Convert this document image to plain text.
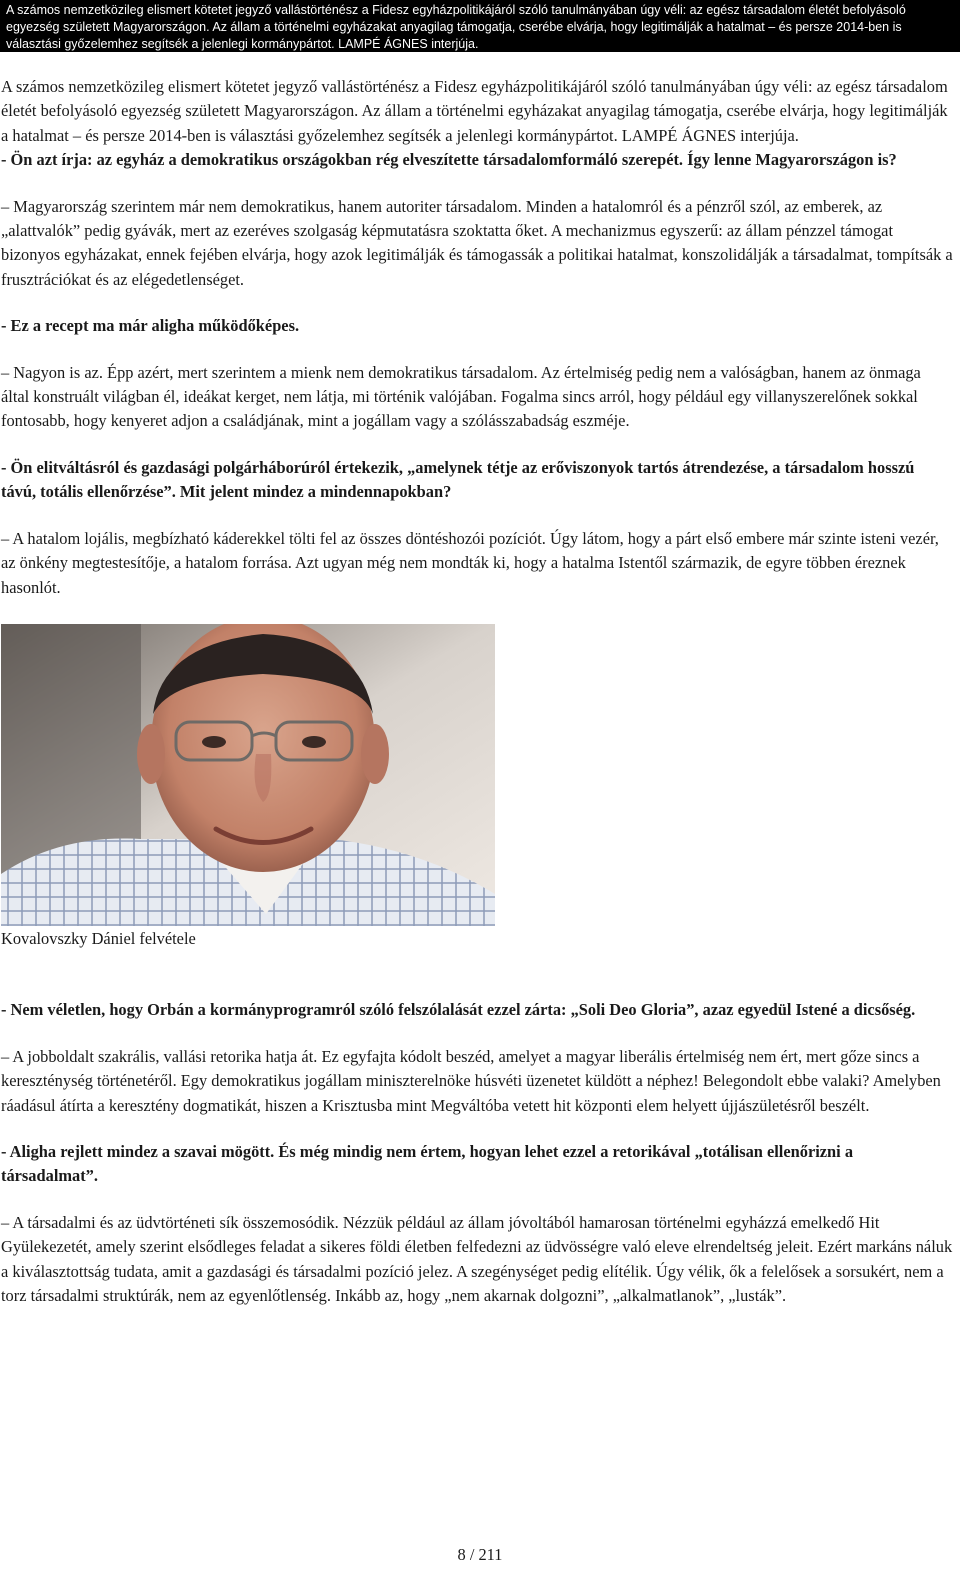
A számos nemzetközileg elismert kötetet jegyző vallástörténész a Fidesz egyházpolitikájáról szóló tanulmányában úgy véli: az egész társadalom életét befolyásoló egyezség született Magyarországon. Az állam a történelmi egyházakat anyagilag támogatja, cserébe elvárja, hogy legitimálják a hatalmat – és persze 2014-ben is választási győzelemhez segítsék a jelenlegi kormánypártot. LAMPÉ ÁGNES interjúja.

A számos nemzetközileg elismert kötetet jegyző vallástörténész a Fidesz egyházpolitikájáról szóló tanulmányában úgy véli: az egész társadalom életét befolyásoló egyezség született Magyarországon. Az állam a történelmi egyházakat anyagilag támogatja, cserébe elvárja, hogy legitimálják a hatalmat – és persze 2014-ben is választási győzelemhez segítsék a jelenlegi kormánypártot. LAMPÉ ÁGNES interjúja.

- Ön azt írja: az egyház a demokratikus országokban rég elveszítette társadalomformáló szerepét. Így lenne Magyarországon is?

– Magyarország szerintem már nem demokratikus, hanem autoriter társadalom. Minden a hatalomról és a pénzről szól, az emberek, az „alattvalók” pedig gyávák, mert az ezeréves szolgaság képmutatásra szoktatta őket. A mechanizmus egyszerű: az állam pénzzel támogat bizonyos egyházakat, ennek fejében elvárja, hogy azok legitimálják és támogassák a politikai hatalmat, konszolidálják a társadalmat, tompítsák a frusztrációkat és az elégedetlenséget.

- Ez a recept ma már aligha működőképes.

– Nagyon is az. Épp azért, mert szerintem a mienk nem demokratikus társadalom. Az értelmiség pedig nem a valóságban, hanem az önmaga által konstruált világban él, ideákat kerget, nem látja, mi történik valójában. Fogalma sincs arról, hogy például egy villanyszerelőnek sokkal fontosabb, hogy kenyeret adjon a családjának, mint a jogállam vagy a szólásszabadság eszméje.

- Ön elitváltásról és gazdasági polgárháborúról értekezik, „amelynek tétje az erőviszonyok tartós átrendezése, a társadalom hosszú távú, totális ellenőrzése”. Mit jelent mindez a mindennapokban?

– A hatalom lojális, megbízható káderekkel tölti fel az összes döntéshozói pozíciót. Úgy látom, hogy a párt első embere már szinte isteni vezér, az önkény megtestesítője, a hatalom forrása. Azt ugyan még nem mondták ki, hogy a hatalma Istentől származik, de egyre többen éreznek hasonlót.

Kovalovszky Dániel felvétele

- Nem véletlen, hogy Orbán a kormányprogramról szóló felszólalását ezzel zárta: „Soli Deo Gloria”, azaz egyedül Istené a dicsőség.

– A jobboldalt szakrális, vallási retorika hatja át. Ez egyfajta kódolt beszéd, amelyet a magyar liberális értelmiség nem ért, mert gőze sincs a kereszténység történetéről. Egy demokratikus jogállam miniszterelnöke húsvéti üzenetet küldött a néphez! Belegondolt ebbe valaki? Amelyben ráadásul átírta a keresztény dogmatikát, hiszen a Krisztusba mint Megváltóba vetett hit központi elem helyett újjászületésről beszélt.

- Aligha rejlett mindez a szavai mögött. És még mindig nem értem, hogyan lehet ezzel a retorikával „totálisan ellenőrizni a társadalmat”.

– A társadalmi és az üdvtörténeti sík összemosódik. Nézzük például az állam jóvoltából hamarosan történelmi egyházzá emelkedő Hit Gyülekezetét, amely szerint elsődleges feladat a sikeres földi életben felfedezni az üdvösségre való eleve elrendeltség jeleit. Ezért markáns náluk a kiválasztottság tudata, amit a gazdasági és társadalmi pozíció jelez. A szegénységet pedig elítélik. Úgy vélik, ők a felelősek a sorsukért, nem a torz társadalmi struktúrák, nem az egyenlőtlenség. Inkább az, hogy „nem akarnak dolgozni”, „alkalmatlanok”, „lusták”.

8 / 211
